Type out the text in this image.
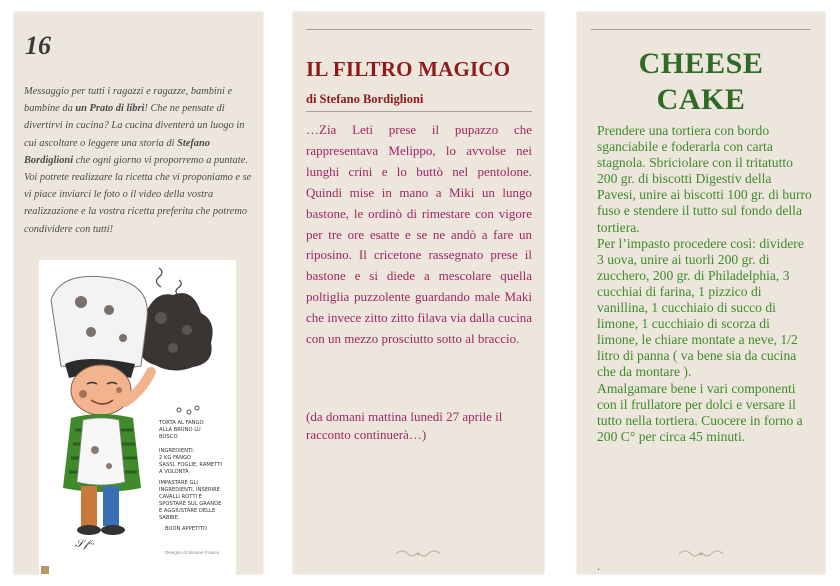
16
Messaggio per tutti i ragazzi e ragazze, bambini e bambine da un Prato di libri! Che ne pensate di divertirvi in cucina? La cucina diventerà un luogo in cui ascoltare o leggere una storia di Stefano Bordiglioni che ogni giorno vi proporremo a puntate. Voi potrete realizzare la ricetta che vi proponiamo e se vi piace inviarci le foto o il video della vostra realizzazione e la vostra ricetta preferita che potremo condividere con tutti!
TORTA AL FANGO
ALLA BRUNO LU
BOSCO
INGREDIENTI:
2 KG FANGO
SASSI, FOGLIE, RAMETTI
A VOLONTÀ
IMPASTARE GLI
INGREDIENTI, INSERIRE
CAVALLI ROTTI E
SPOSTARE SUL GRANDE
E AGGIUSTARE DELLE
SABBIE.
BUON APPETITO
𝒮𝒻~
Disegno di Simone Frasca
IL FILTRO MAGICO
di Stefano Bordiglioni
…Zia Leti prese il pupazzo che rappresentava Melippo, lo avvolse nei lunghi crini e lo buttò nel pentolone. Quindi mise in mano a Miki un lungo bastone, le ordinò di rimestare con vigore per tre ore esatte e se ne andò a fare un riposino. Il cricetone rassegnato prese il bastone e si diede a mescolare quella poltiglia puzzolente guardando male Maki che invece zitto zitto filava via dalla cucina con un mezzo prosciutto sotto al braccio.
(da domani mattina lunedì 27 aprile il racconto continuerà…)
CHEESE
CAKE
Prendere una tortiera con bordo sganciabile e foderarla con carta stagnola. Sbriciolare con il tritatutto 200 gr. di biscotti Digestiv della Pavesi, unire ai biscotti 100 gr. di burro fuso e stendere il tutto sul fondo della tortiera.
Per l’impasto procedere così: dividere 3 uova, unire ai tuorli 200 gr. di zucchero, 200 gr. di Philadelphia, 3 cucchiai di farina, 1 pizzico di vanillina, 1 cucchiaio di succo di limone, 1 cucchiaio di scorza di limone, le chiare montate a neve, 1/2 litro di panna ( va bene sia da cucina che da montare ).
Amalgamare bene i vari componenti con il frullatore per dolci e versare il tutto nella tortiera. Cuocere in forno a 200 C° per circa 45 minuti.
.
